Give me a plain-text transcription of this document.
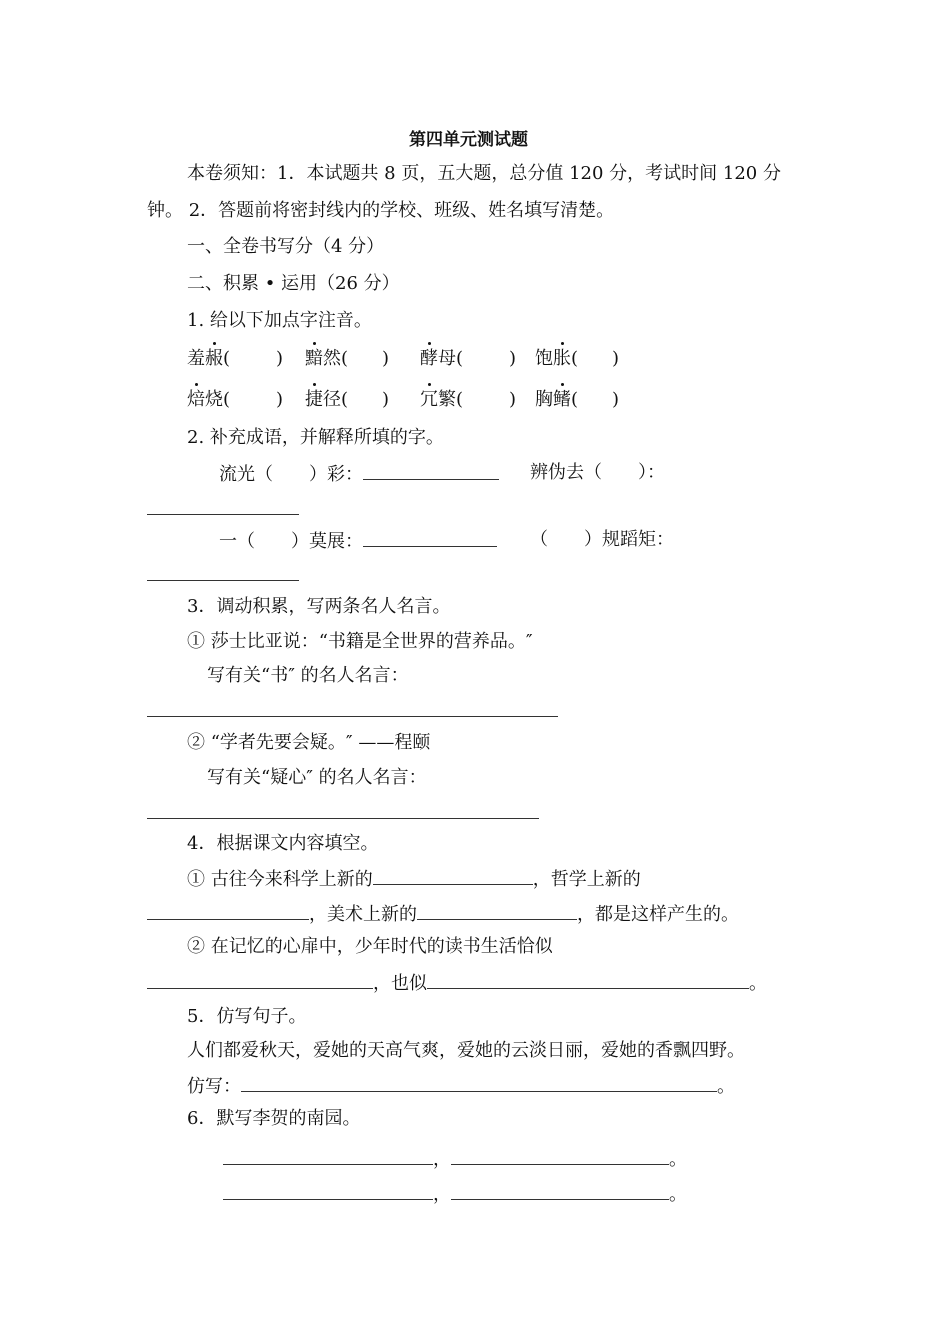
第四单元测试题
本卷须知：1．本试题共 8 页，五大题，总分值 120 分，考试时间 120 分
钟。 2．答题前将密封线内的学校、班级、姓名填写清楚。
一、全卷书写分（4 分）
二、积累 • 运用（26 分）
1. 给以下加点字注音。
羞赧(	) 黯然( ) 酵母(	) 饱胀( )
焙烧(	) 捷径( ) 冗繁(	) 胸鳍( )
2. 补充成语，并解释所填的字。
流光（　　）彩：	辨伪去（　　）：
一（　　）莫展：	（　　）规蹈矩：
3．调动积累，写两条名人名言。
① 莎士比亚说：“书籍是全世界的营养品。″
写有关“书″ 的名人名言：
② “学者先要会疑。″ ——程颐
写有关“疑心″ 的名人名言：
4．根据课文内容填空。
① 古往今来科学上新的	，哲学上新的
，美术上新的	，都是这样产生的。
② 在记忆的心扉中，少年时代的读书生活恰似
，也似	。
5．仿写句子。
人们都爱秋天，爱她的天高气爽，爱她的云淡日丽，爱她的香飘四野。
仿写：	。
6．默写李贺的南园。
，	。
，	。
